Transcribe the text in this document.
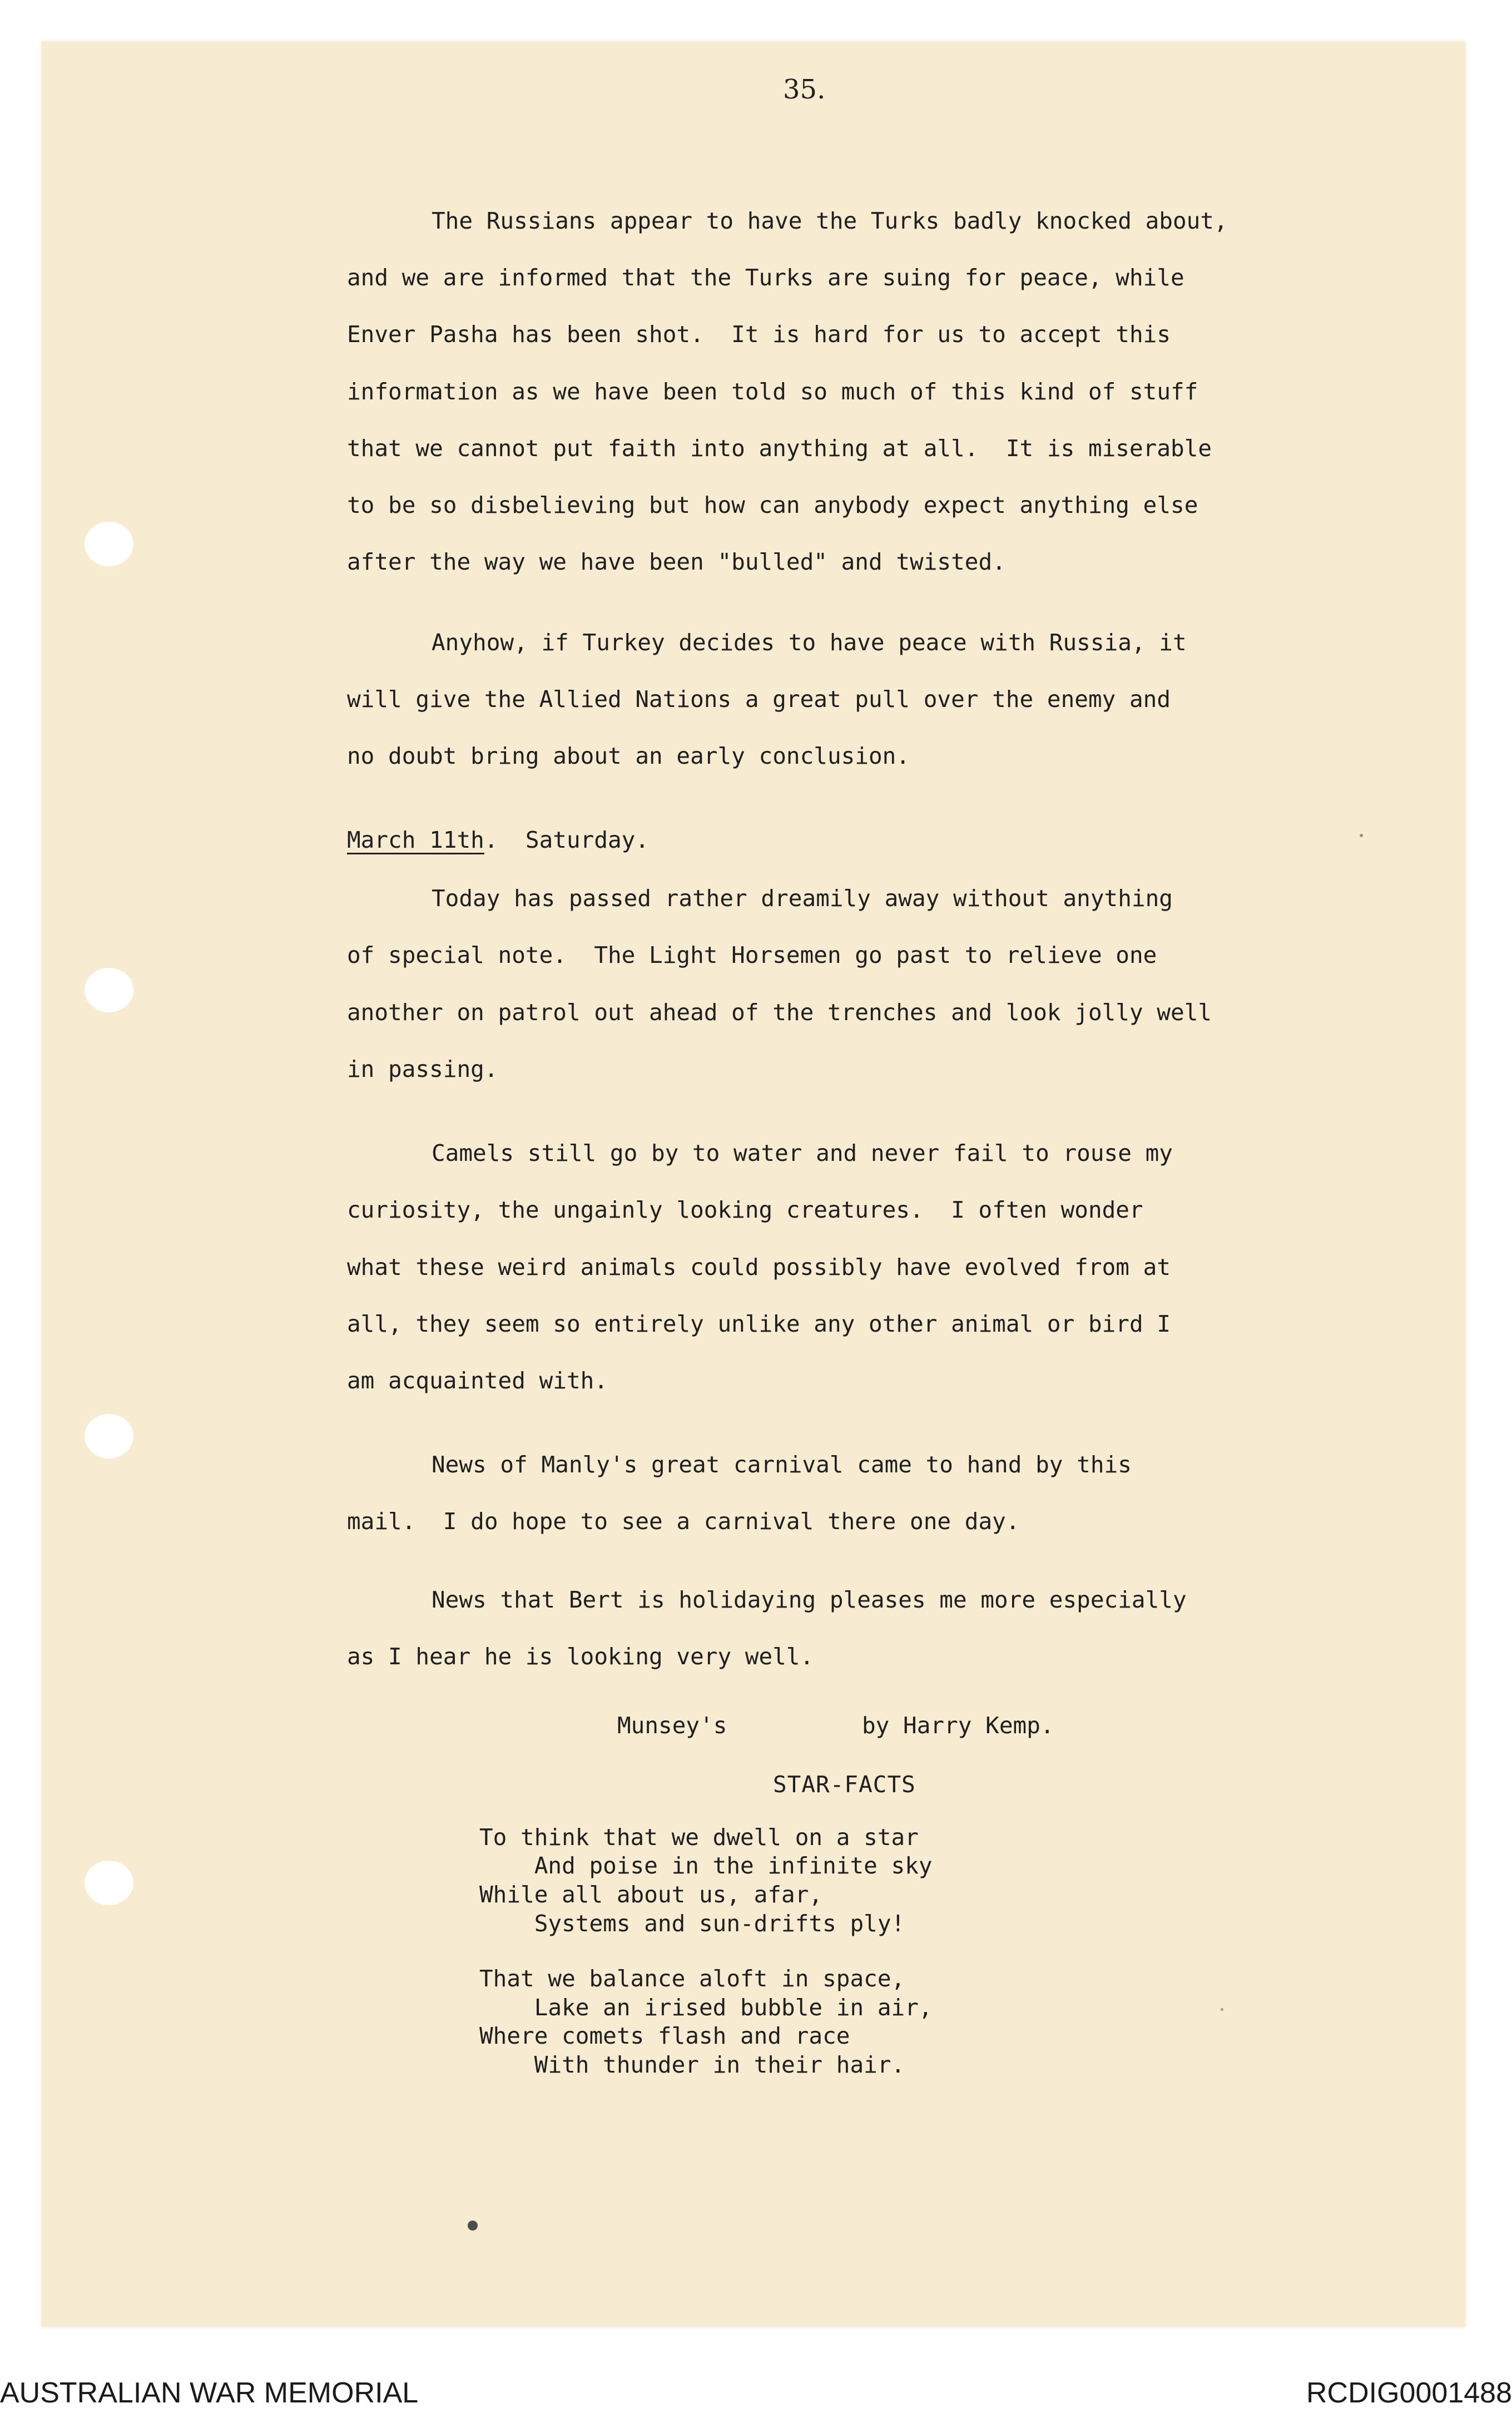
35.
The Russians appear to have the Turks badly knocked about,
and we are informed that the Turks are suing for peace, while
Enver Pasha has been shot.  It is hard for us to accept this
information as we have been told so much of this kind of stuff
that we cannot put faith into anything at all.  It is miserable
to be so disbelieving but how can anybody expect anything else
after the way we have been "bulled" and twisted.
Anyhow, if Turkey decides to have peace with Russia, it
will give the Allied Nations a great pull over the enemy and
no doubt bring about an early conclusion.
March 11th.  Saturday.
Today has passed rather dreamily away without anything
of special note.  The Light Horsemen go past to relieve one
another on patrol out ahead of the trenches and look jolly well
in passing.
Camels still go by to water and never fail to rouse my
curiosity, the ungainly looking creatures.  I often wonder
what these weird animals could possibly have evolved from at
all, they seem so entirely unlike any other animal or bird I
am acquainted with.
News of Manly's great carnival came to hand by this
mail.  I do hope to see a carnival there one day.
News that Bert is holidaying pleases me more especially
as I hear he is looking very well.
Munsey's	by Harry Kemp.
STAR-FACTS
To think that we dwell on a star
And poise in the infinite sky
While all about us, afar,
Systems and sun-drifts ply!
That we balance aloft in space,
Lake an irised bubble in air,
Where comets flash and race
With thunder in their hair.
AUSTRALIAN WAR MEMORIAL	RCDIG0001488
